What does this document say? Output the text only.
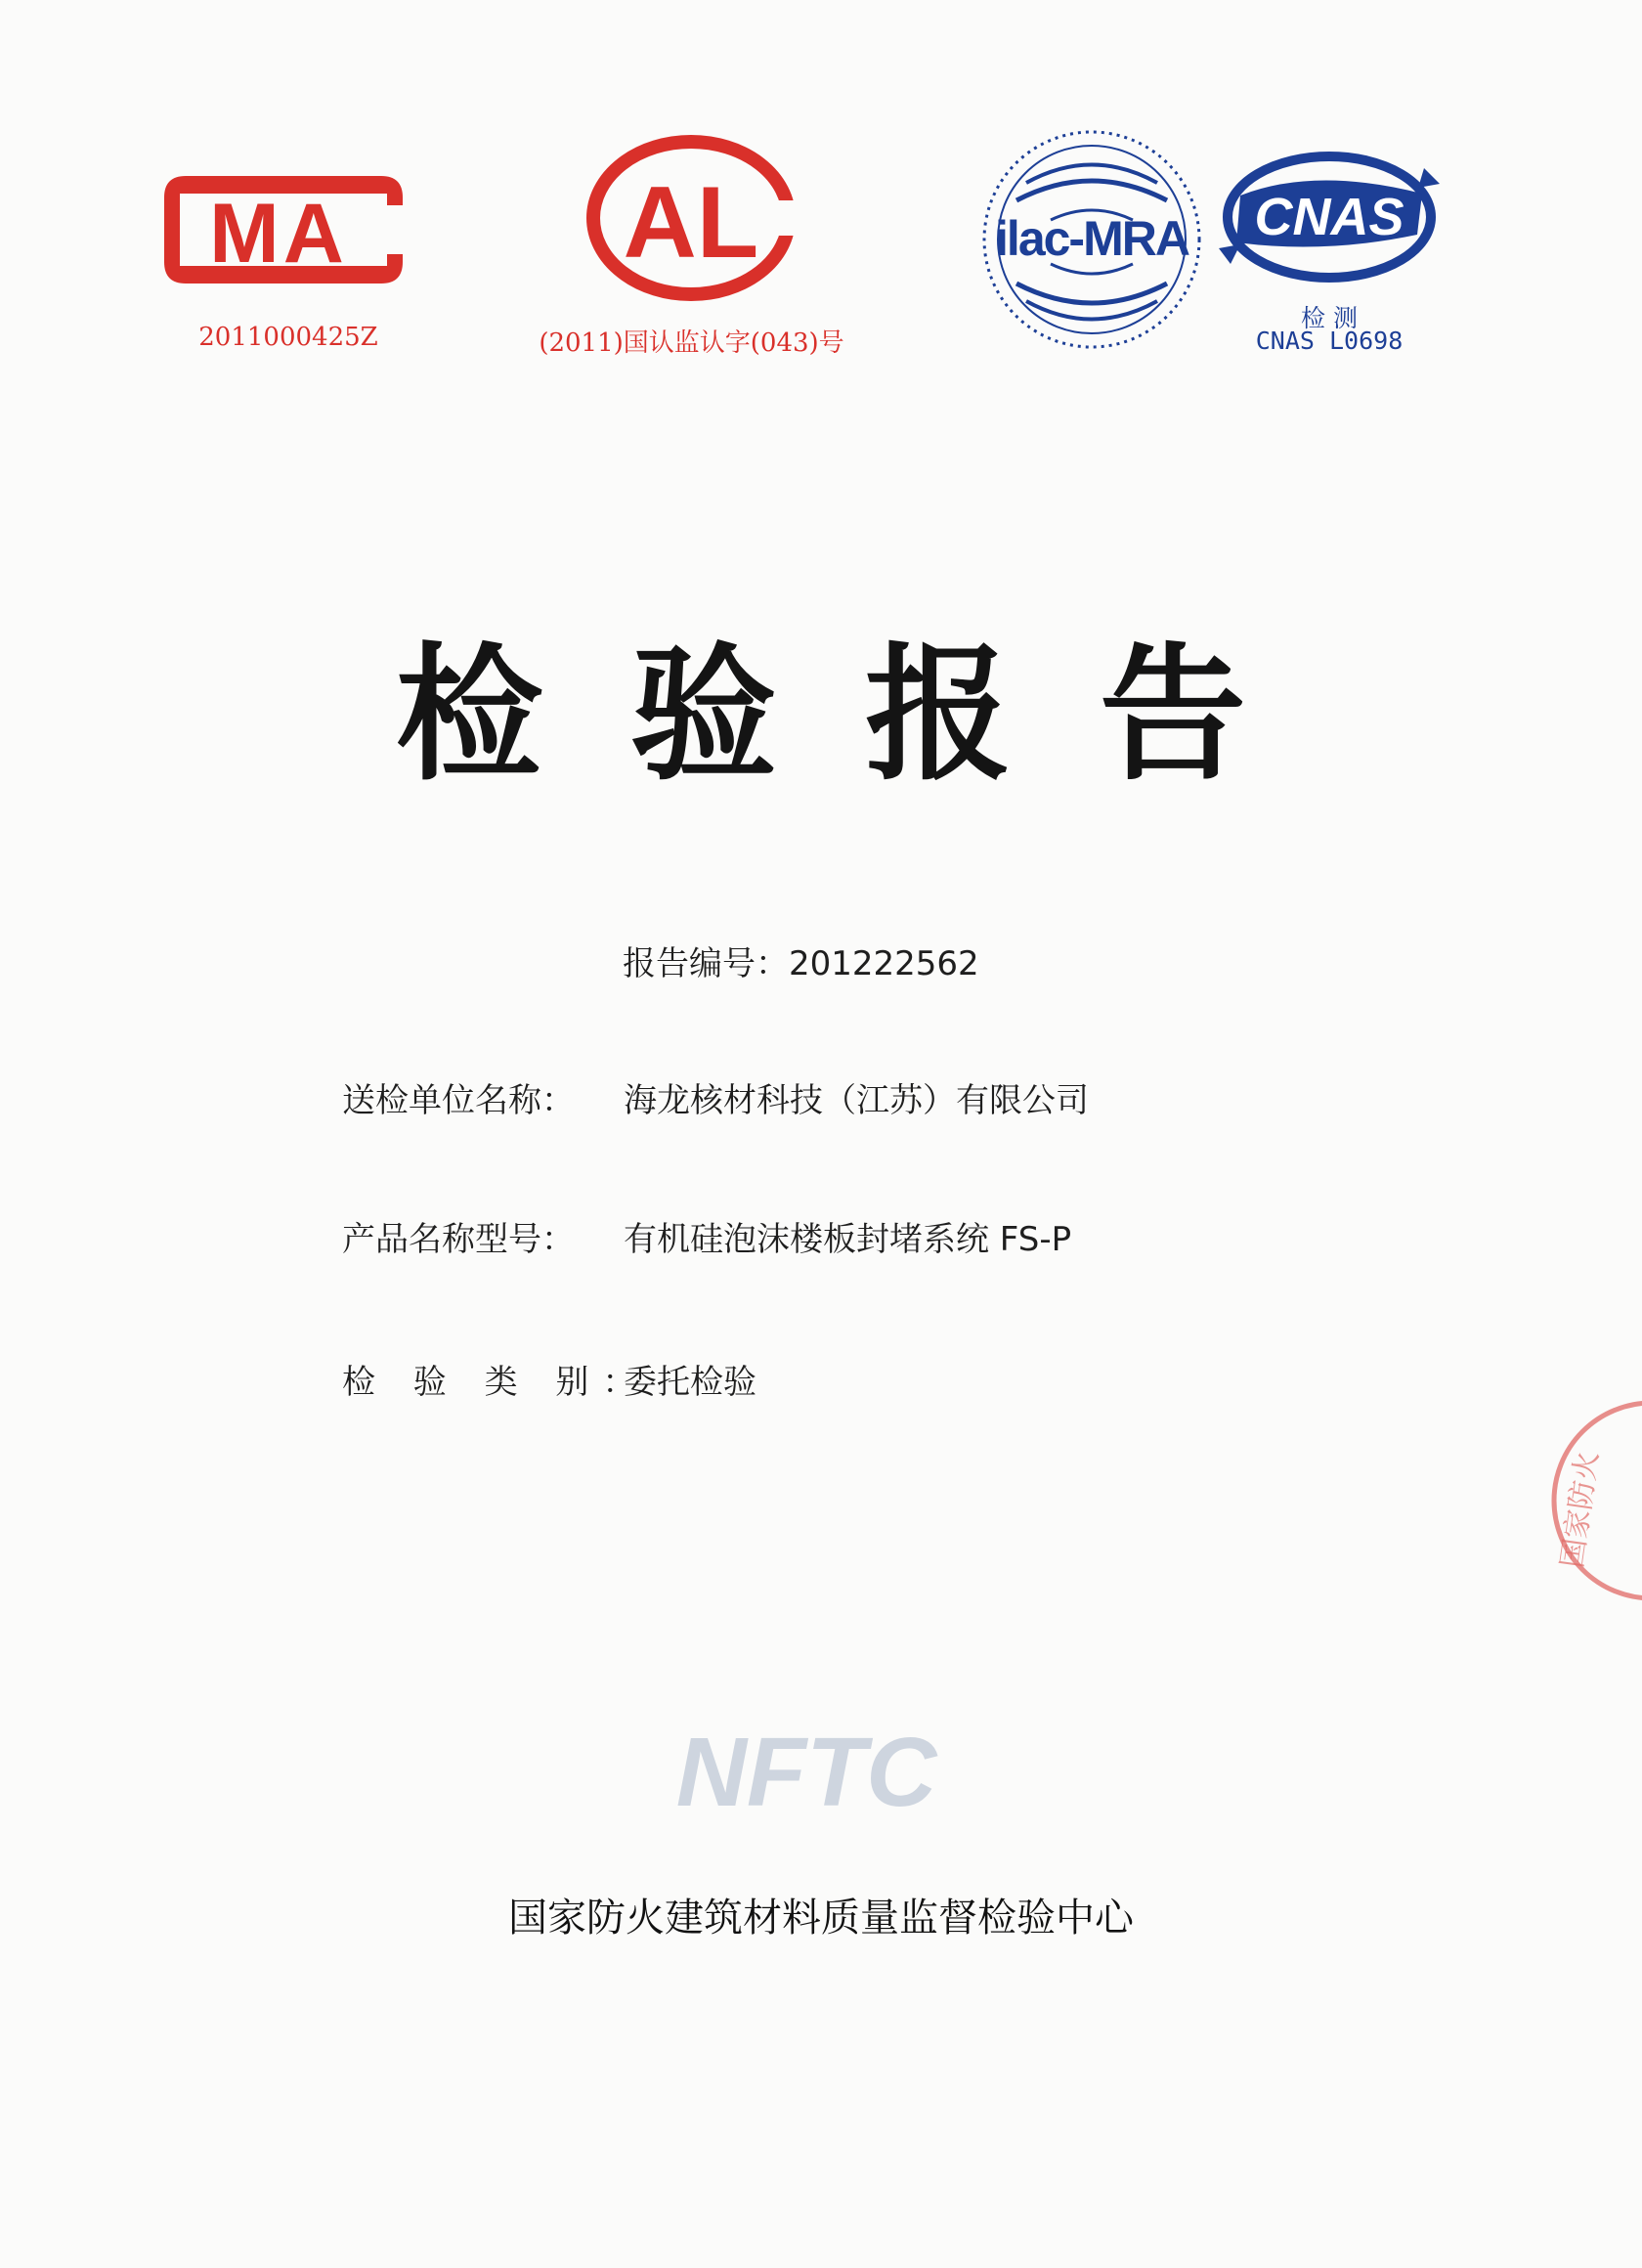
MA
2011000425Z
AL
(2011)国认监认字(043)号
ilac-MRA CNAS
检 测
CNAS L0698
检验报告
报告编号：201222562
送检单位名称： 海龙核材科技（江苏）有限公司
产品名称型号： 有机硅泡沫楼板封堵系统 FS-P
检 验 类 别：委托检验
NFTC
国家防火建筑材料质量监督检验中心
国家防火
